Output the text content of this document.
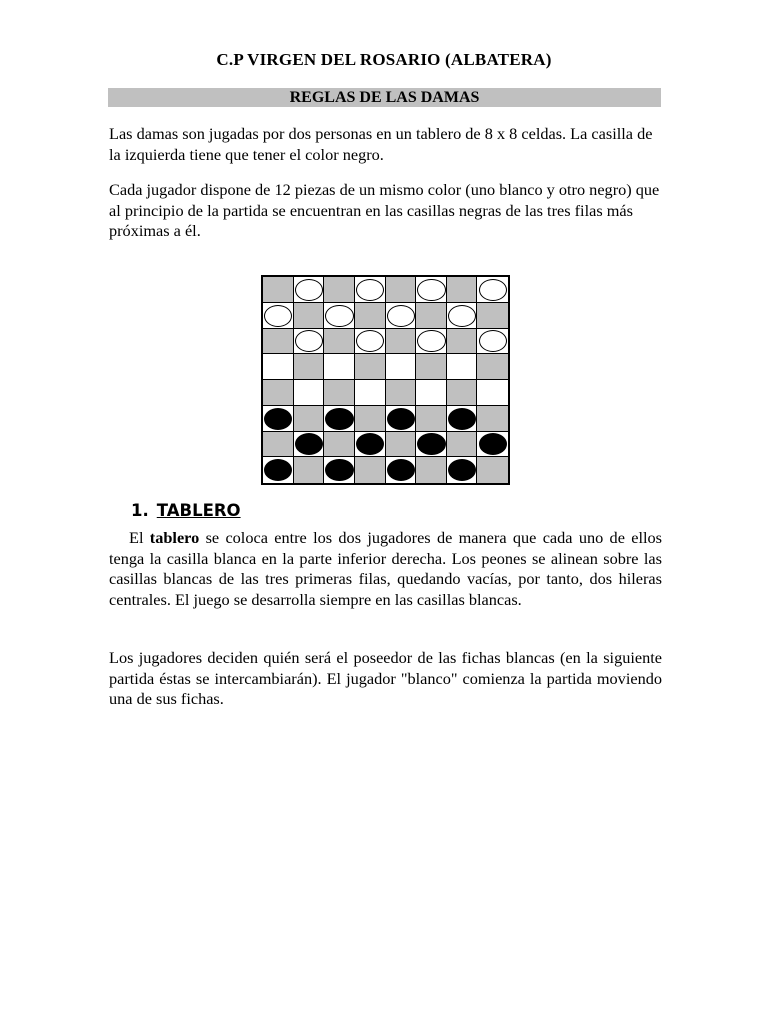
C.P VIRGEN DEL ROSARIO (ALBATERA)
REGLAS DE LAS DAMAS

Las damas son jugadas por dos personas en un tablero de 8 x 8 celdas. La casilla de la izquierda tiene que tener el color negro.

Cada jugador dispone de 12 piezas de un mismo color (uno blanco y otro negro) que al principio de la partida se encuentran en las casillas negras de las tres filas más próximas a él.

1. TABLERO

El tablero se coloca entre los dos jugadores de manera que cada uno de ellos tenga la casilla blanca en la parte inferior derecha. Los peones se alinean sobre las casillas blancas de las tres primeras filas, quedando vacías, por tanto, dos hileras centrales. El juego se desarrolla siempre en las casillas blancas.

Los jugadores deciden quién será el poseedor de las fichas blancas (en la siguiente partida éstas se intercambiarán). El jugador "blanco" comienza la partida moviendo una de sus fichas.
